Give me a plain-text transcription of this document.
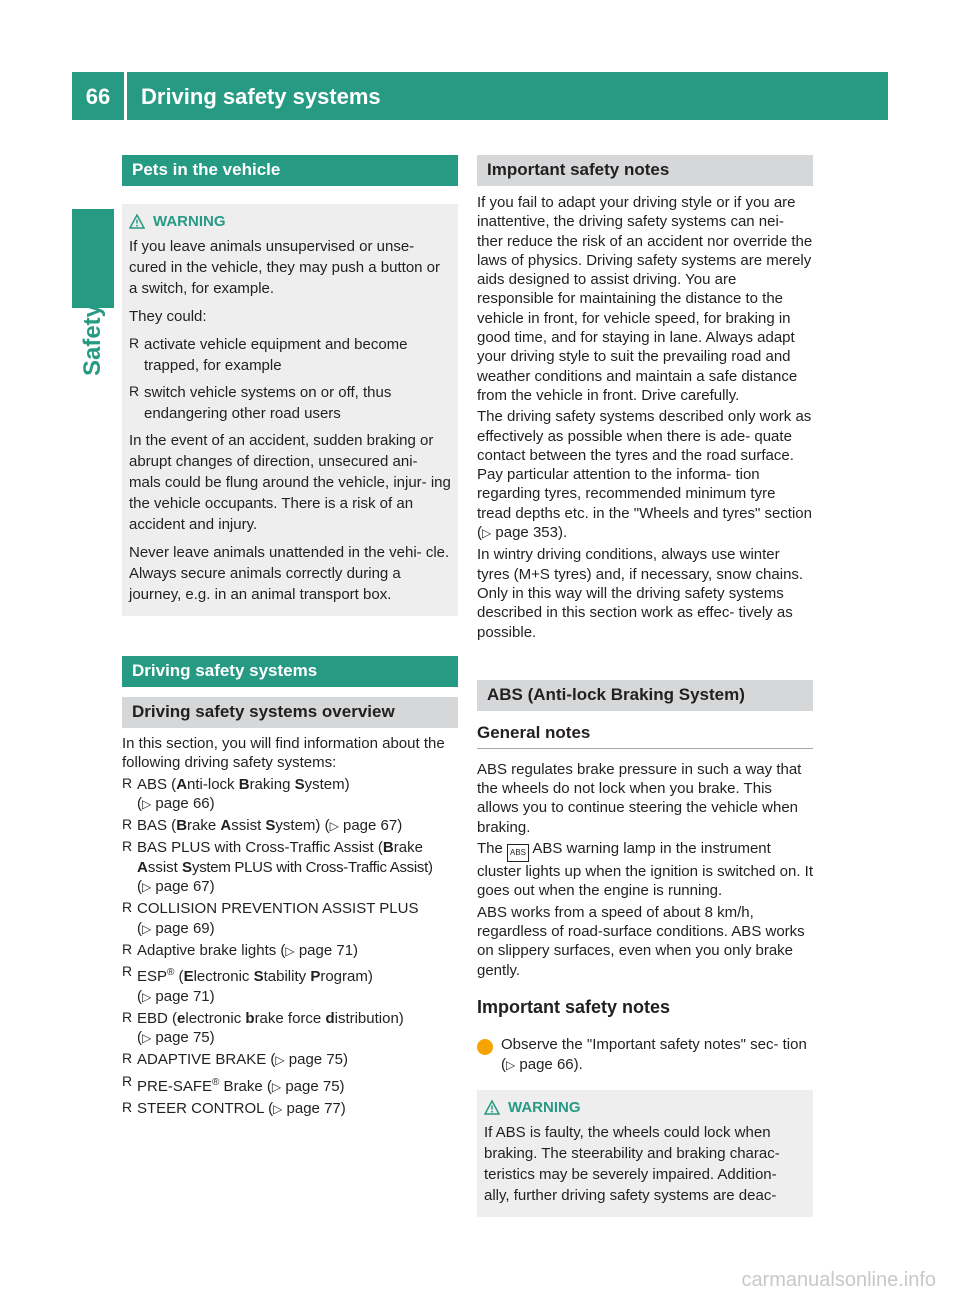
66	Driving safety systems
Safety
Pets in the vehicle
WARNING

If you leave animals unsupervised or unse- cured in the vehicle, they may push a button or a switch, for example.

They could:

R activate vehicle equipment and become trapped, for example
R switch vehicle systems on or off, thus endangering other road users

In the event of an accident, sudden braking or abrupt changes of direction, unsecured ani- mals could be flung around the vehicle, injur- ing the vehicle occupants. There is a risk of an accident and injury.

Never leave animals unattended in the vehi- cle. Always secure animals correctly during a journey, e.g. in an animal transport box.

Driving safety systems
Driving safety systems overview

In this section, you will find information about the following driving safety systems:

R ABS (Anti-lock Braking System)
(▷ page 66)
R BAS (Brake Assist System) (▷ page 67)
R BAS PLUS with Cross-Traffic Assist (Brake
Assist System PLUS with Cross-Traffic Assist)
(▷ page 67)
R COLLISION PREVENTION ASSIST PLUS
(▷ page 69)
R Adaptive brake lights (▷ page 71)
R ESP® (Electronic Stability Program)
(▷ page 71)
R EBD (electronic brake force distribution)
(▷ page 75)
R ADAPTIVE BRAKE (▷ page 75)
R PRE-SAFE® Brake (▷ page 75)
R STEER CONTROL (▷ page 77)
Important safety notes

If you fail to adapt your driving style or if you are inattentive, the driving safety systems can nei- ther reduce the risk of an accident nor override the laws of physics. Driving safety systems are merely aids designed to assist driving. You are responsible for maintaining the distance to the vehicle in front, for vehicle speed, for braking in good time, and for staying in lane. Always adapt your driving style to suit the prevailing road and weather conditions and maintain a safe distance from the vehicle in front. Drive carefully.

The driving safety systems described only work as effectively as possible when there is ade- quate contact between the tyres and the road surface. Pay particular attention to the informa- tion regarding tyres, recommended minimum tyre tread depths etc. in the "Wheels and tyres" section (▷ page 353).

In wintry driving conditions, always use winter tyres (M+S tyres) and, if necessary, snow chains. Only in this way will the driving safety systems described in this section work as effec- tively as possible.

ABS (Anti-lock Braking System)
General notes

ABS regulates brake pressure in such a way that the wheels do not lock when you brake. This allows you to continue steering the vehicle when braking.

The ABS ABS warning lamp in the instrument cluster lights up when the ignition is switched on. It goes out when the engine is running.

ABS works from a speed of about 8 km/h, regardless of road-surface conditions. ABS works on slippery surfaces, even when you only brake gently.

Important safety notes

i Observe the "Important safety notes" sec- tion (▷ page 66).

WARNING

If ABS is faulty, the wheels could lock when braking. The steerability and braking charac- teristics may be severely impaired. Addition- ally, further driving safety systems are deac-

carmanualsonline.info
